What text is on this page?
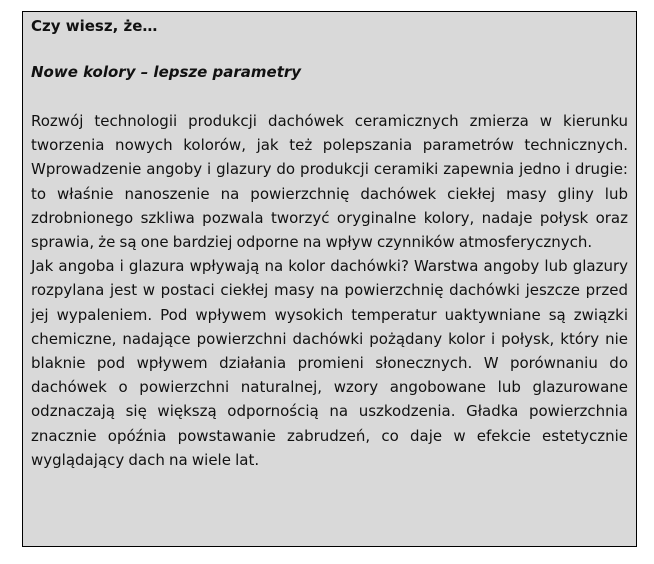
Czy wiesz, że…
Nowe kolory – lepsze parametry

Rozwój technologii produkcji dachówek ceramicznych zmierza w kierunku tworzenia nowych kolorów, jak też polepszania parametrów technicznych. Wprowadzenie angoby i glazury do produkcji ceramiki zapewnia jedno i drugie: to właśnie nanoszenie na powierzchnię dachówek ciekłej masy gliny lub zdrobnionego szkliwa pozwala tworzyć oryginalne kolory, nadaje połysk oraz sprawia, że są one bardziej odporne na wpływ czynników atmosferycznych.

Jak angoba i glazura wpływają na kolor dachówki? Warstwa angoby lub glazury rozpylana jest w postaci ciekłej masy na powierzchnię dachówki jeszcze przed jej wypaleniem. Pod wpływem wysokich temperatur uaktywniane są związki chemiczne, nadające powierzchni dachówki pożądany kolor i połysk, który nie blaknie pod wpływem działania promieni słonecznych. W porównaniu do dachówek o powierzchni naturalnej, wzory angobowane lub glazurowane odznaczają się większą odpornością na uszkodzenia. Gładka powierzchnia znacznie opóźnia powstawanie zabrudzeń, co daje w efekcie estetycznie wyglądający dach na wiele lat.
